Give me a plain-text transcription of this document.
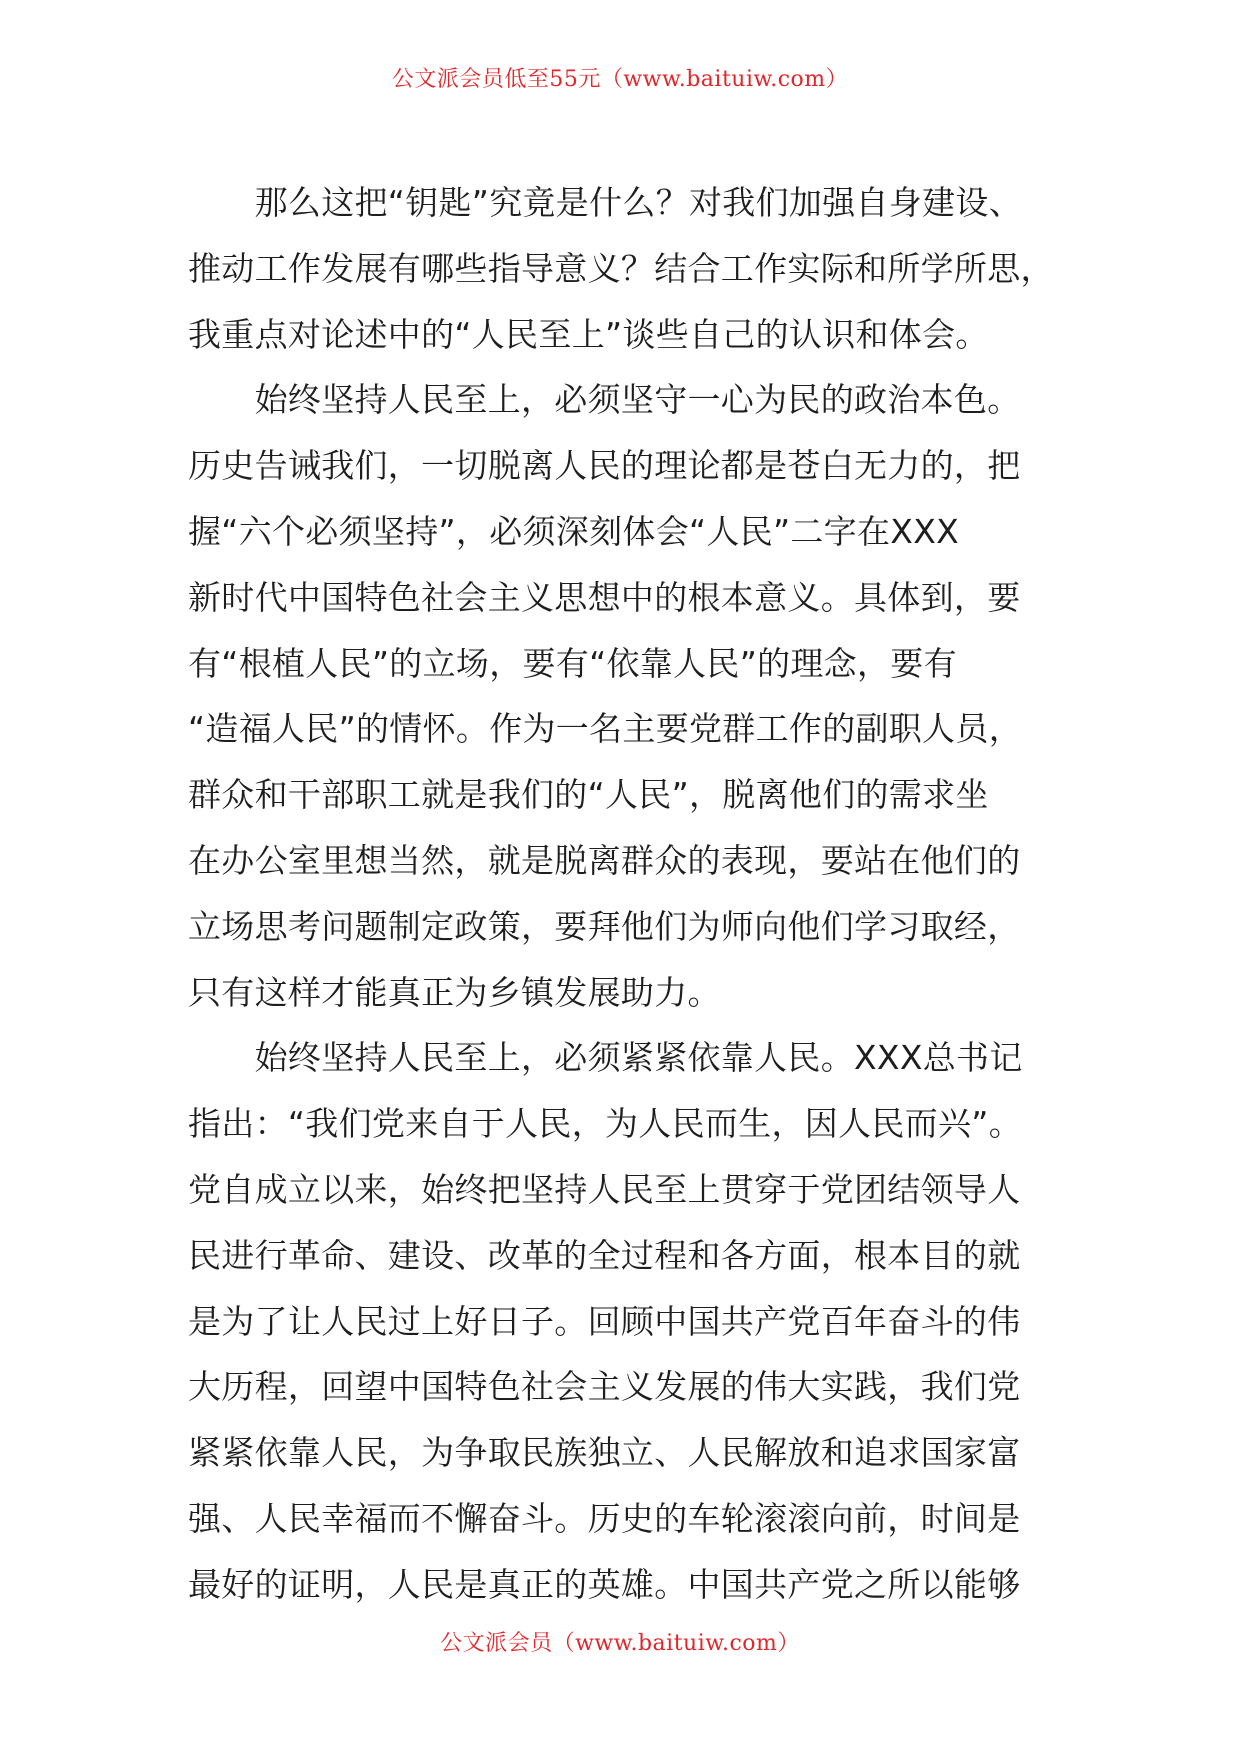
公文派会员低至55元（www.baituiw.com）
　　那么这把“钥匙”究竟是什么？对我们加强自身建设、
推动工作发展有哪些指导意义？结合工作实际和所学所思，
我重点对论述中的“人民至上”谈些自己的认识和体会。
　　始终坚持人民至上，必须坚守一心为民的政治本色。
历史告诫我们，一切脱离人民的理论都是苍白无力的，把
握“六个必须坚持”，必须深刻体会“人民”二字在XXX
新时代中国特色社会主义思想中的根本意义。具体到，要
有“根植人民”的立场，要有“依靠人民”的理念，要有
“造福人民”的情怀。作为一名主要党群工作的副职人员，
群众和干部职工就是我们的“人民”，脱离他们的需求坐
在办公室里想当然，就是脱离群众的表现，要站在他们的
立场思考问题制定政策，要拜他们为师向他们学习取经，
只有这样才能真正为乡镇发展助力。
　　始终坚持人民至上，必须紧紧依靠人民。XXX总书记
指出：“我们党来自于人民，为人民而生，因人民而兴”。
党自成立以来，始终把坚持人民至上贯穿于党团结领导人
民进行革命、建设、改革的全过程和各方面，根本目的就
是为了让人民过上好日子。回顾中国共产党百年奋斗的伟
大历程，回望中国特色社会主义发展的伟大实践，我们党
紧紧依靠人民，为争取民族独立、人民解放和追求国家富
强、人民幸福而不懈奋斗。历史的车轮滚滚向前，时间是
最好的证明，人民是真正的英雄。中国共产党之所以能够
公文派会员（www.baituiw.com）
